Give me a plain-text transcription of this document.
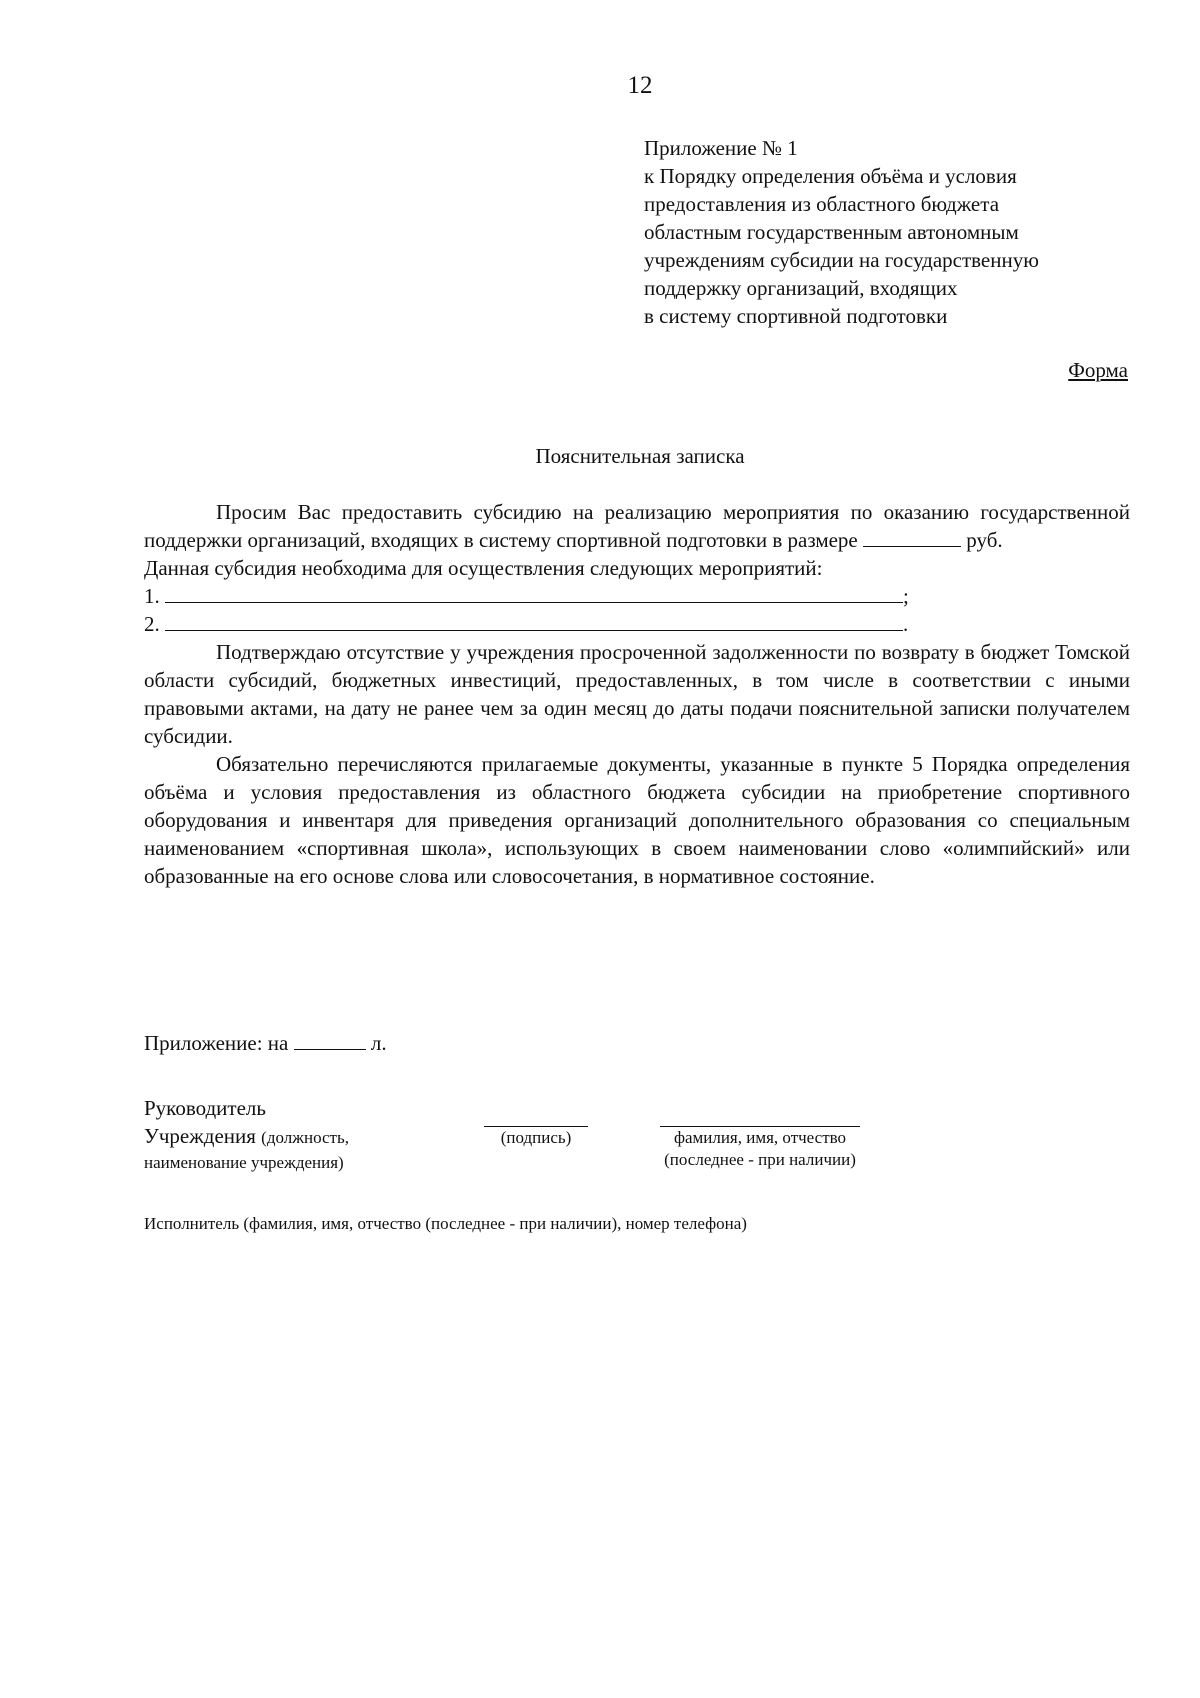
12
Приложение № 1
к Порядку определения объёма и условия
предоставления из областного бюджета
областным государственным автономным
учреждениям субсидии на государственную
поддержку организаций, входящих
в систему спортивной подготовки
Форма
Пояснительная записка

Просим Вас предоставить субсидию на реализацию мероприятия по оказанию государственной поддержки организаций, входящих в систему спортивной подготовки в размере	руб.

Данная субсидия необходима для осуществления следующих мероприятий:

1.	;

2.	.

Подтверждаю отсутствие у учреждения просроченной задолженности по возврату в бюджет Томской области субсидий, бюджетных инвестиций, предоставленных, в том числе в соответствии с иными правовыми актами, на дату не ранее чем за один месяц до даты подачи пояснительной записки получателем субсидии.

Обязательно перечисляются прилагаемые документы, указанные в пункте 5 Порядка определения объёма и условия предоставления из областного бюджета субсидии на приобретение спортивного оборудования и инвентаря для приведения организаций дополнительного образования со специальным наименованием «спортивная школа», использующих в своем наименовании слово «олимпийский» или образованные на его основе слова или словосочетания, в нормативное состояние.

Приложение: на	л.
Руководитель
Учреждения (должность,
наименование учреждения)
(подпись)	фамилия, имя, отчество
(последнее - при наличии)
Исполнитель (фамилия, имя, отчество (последнее - при наличии), номер телефона)
